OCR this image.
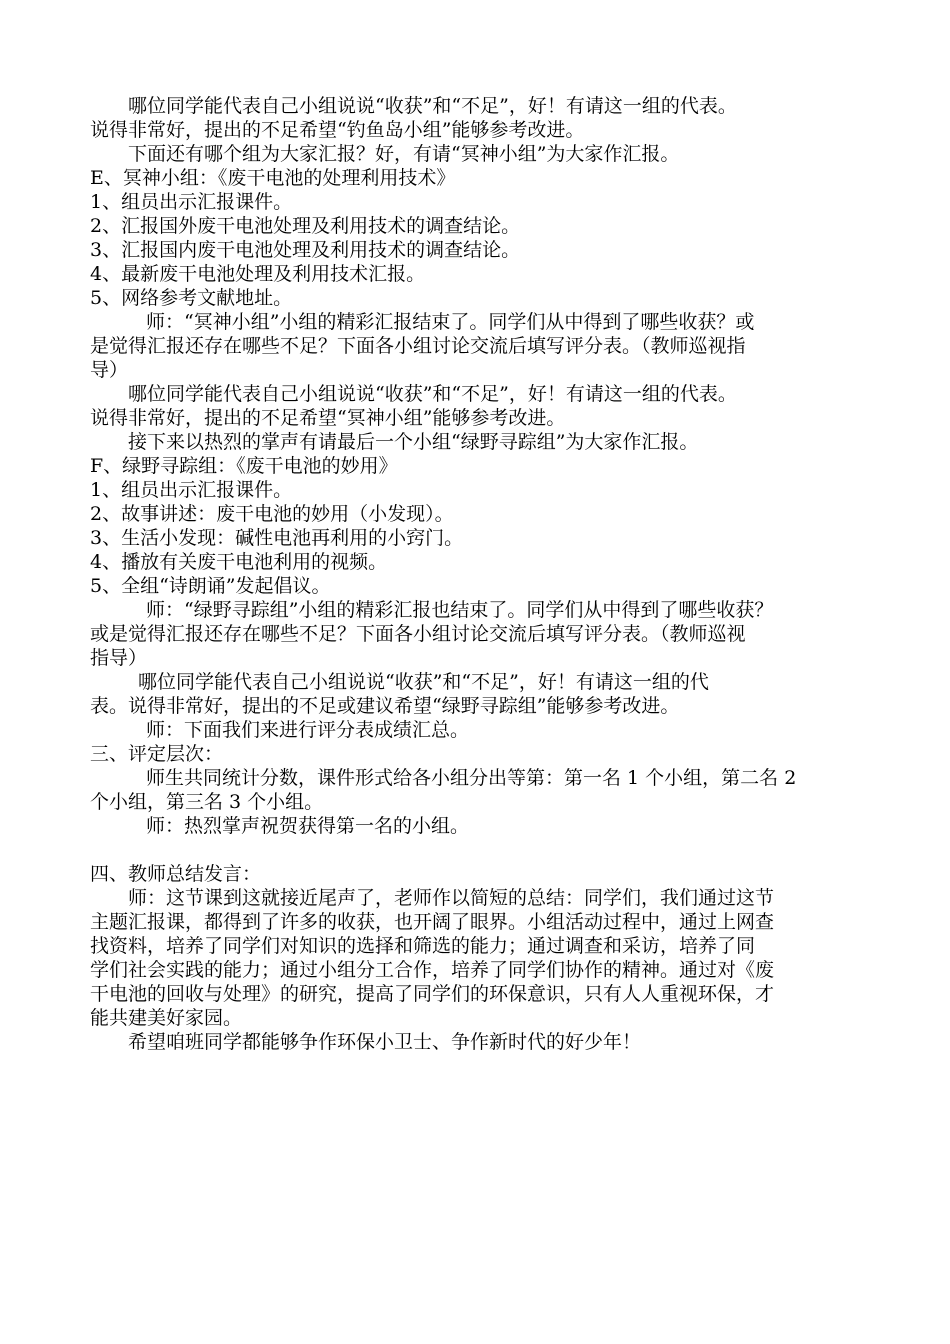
哪位同学能代表自己小组说说“收获”和“不足”，好！有请这一组的代表。
说得非常好，提出的不足希望“钓鱼岛小组”能够参考改进。
下面还有哪个组为大家汇报？好，有请“冥神小组”为大家作汇报。
E、冥神小组：《废干电池的处理利用技术》
1、组员出示汇报课件。
2、汇报国外废干电池处理及利用技术的调查结论。
3、汇报国内废干电池处理及利用技术的调查结论。
4、最新废干电池处理及利用技术汇报。
5、网络参考文献地址。
师：“冥神小组”小组的精彩汇报结束了。同学们从中得到了哪些收获？或
是觉得汇报还存在哪些不足？下面各小组讨论交流后填写评分表。（教师巡视指
导）
哪位同学能代表自己小组说说“收获”和“不足”，好！有请这一组的代表。
说得非常好，提出的不足希望“冥神小组”能够参考改进。
接下来以热烈的掌声有请最后一个小组“绿野寻踪组”为大家作汇报。
F、绿野寻踪组：《废干电池的妙用》
1、组员出示汇报课件。
2、故事讲述：废干电池的妙用（小发现）。
3、生活小发现：碱性电池再利用的小窍门。
4、播放有关废干电池利用的视频。
5、全组“诗朗诵”发起倡议。
师：“绿野寻踪组”小组的精彩汇报也结束了。同学们从中得到了哪些收获？
或是觉得汇报还存在哪些不足？下面各小组讨论交流后填写评分表。（教师巡视
指导）
哪位同学能代表自己小组说说“收获”和“不足”，好！有请这一组的代
表。说得非常好，提出的不足或建议希望“绿野寻踪组”能够参考改进。
师：下面我们来进行评分表成绩汇总。
三、评定层次：
师生共同统计分数，课件形式给各小组分出等第：第一名 1 个小组，第二名 2
个小组，第三名 3 个小组。
师：热烈掌声祝贺获得第一名的小组。
四、教师总结发言：
师：这节课到这就接近尾声了，老师作以简短的总结：同学们，我们通过这节
主题汇报课，都得到了许多的收获，也开阔了眼界。小组活动过程中，通过上网查
找资料，培养了同学们对知识的选择和筛选的能力；通过调查和采访，培养了同
学们社会实践的能力；通过小组分工合作，培养了同学们协作的精神。通过对《废
干电池的回收与处理》的研究，提高了同学们的环保意识，只有人人重视环保，才
能共建美好家园。
希望咱班同学都能够争作环保小卫士、争作新时代的好少年！
